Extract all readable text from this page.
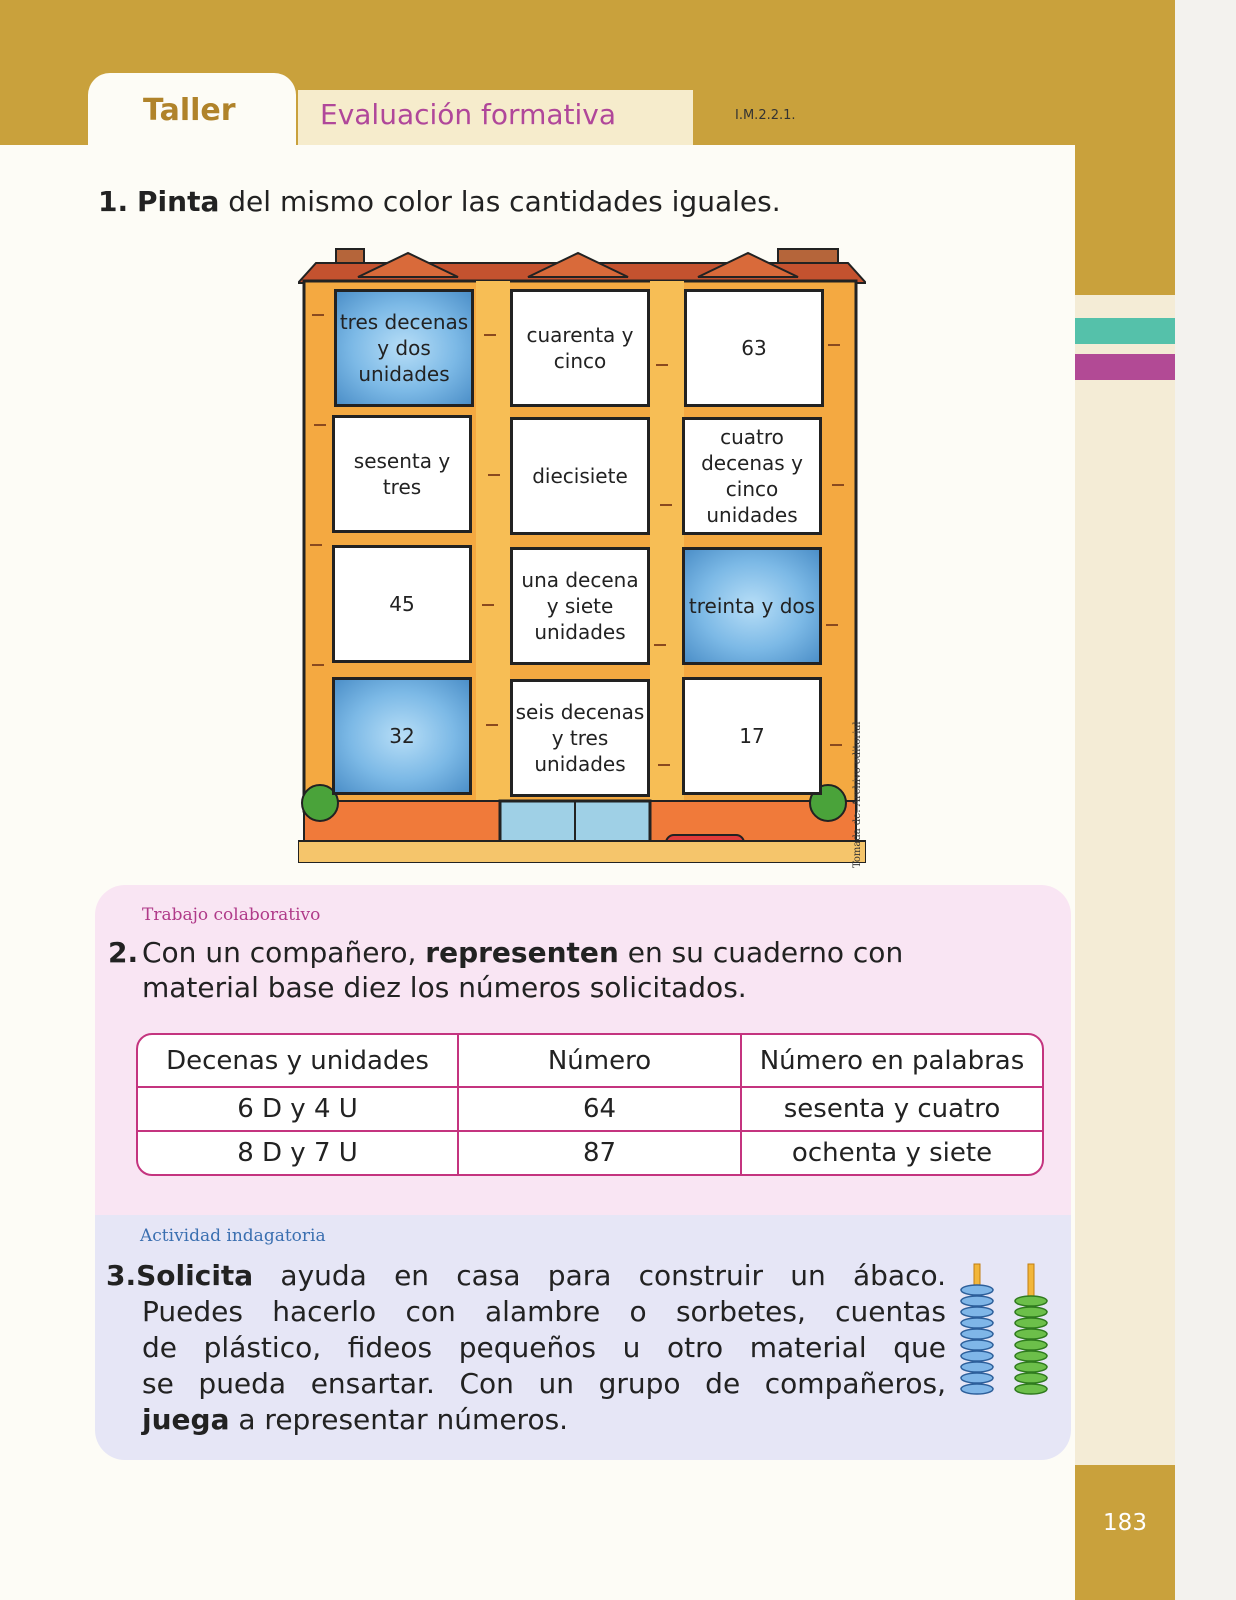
183
Taller	Evaluación formativa	I.M.2.2.1.
1. Pinta del mismo color las cantidades iguales.
tres decenas y dos unidades
cuarenta y cinco
63
sesenta y tres	diecisiete
cuatro decenas y cinco unidades
45
una decena y siete unidades
treinta y dos
32
seis decenas y tres unidades
17	Tomada de: Archivo editorial
Trabajo colaborativo
2. Con un compañero, representen en su cuaderno con
material base diez los números solicitados.
Decenas y unidades	Número	Número en palabras
6 D y 4 U	64	sesenta y cuatro
8 D y 7 U	87	ochenta y siete
Actividad indagatoria
3.Solicita ayuda en casa para construir un ábaco.
Puedes hacerlo con alambre o sorbetes, cuentas
de plástico, fideos pequeños u otro material que
se pueda ensartar. Con un grupo de compañeros,
juega a representar números.
